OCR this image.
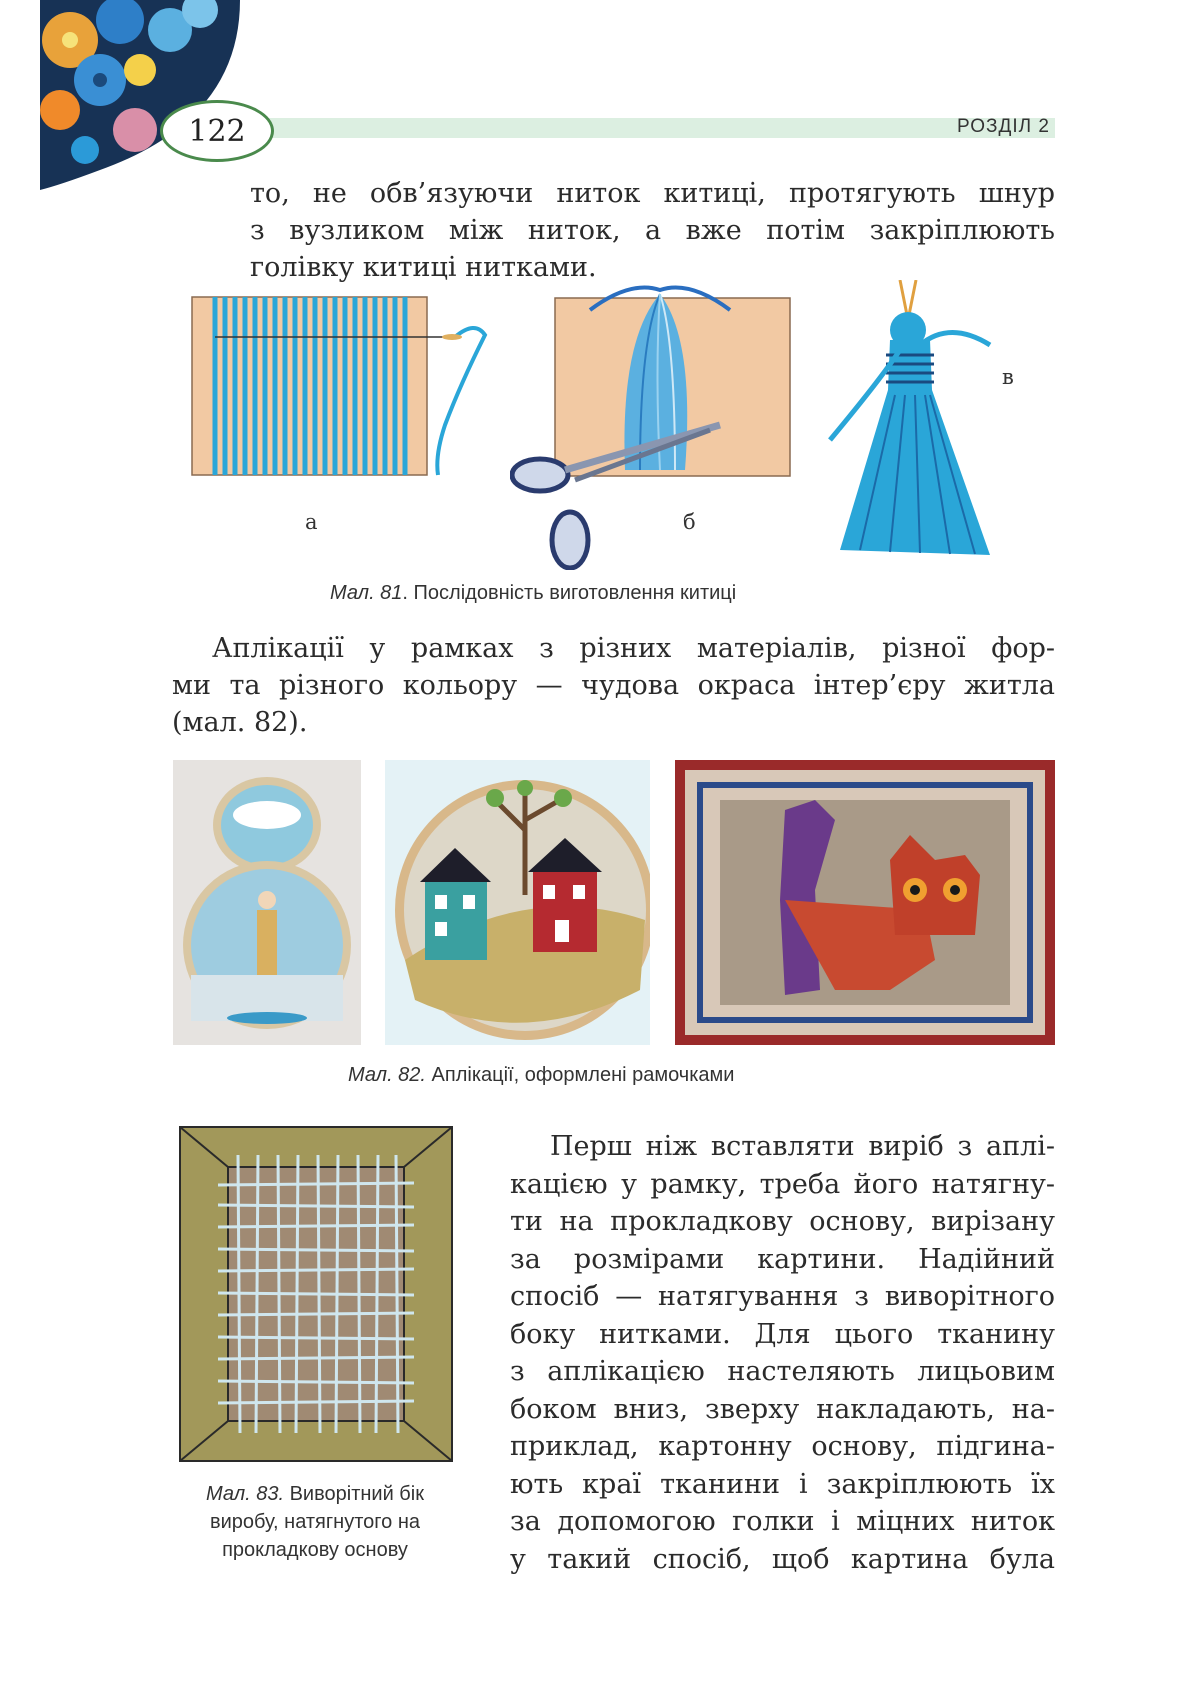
122	РОЗДІЛ 2
то, не обв’язуючи ниток китиці, протягують шнур
з вузликом між ниток, а вже потім закріплюють
голівку китиці нитками.
а	б
в
Мал. 81. Послідовність виготовлення китиці
Аплікації у рамках з різних матеріалів, різної фор-
ми та різного кольору — чудова окраса інтер’єру житла
(мал. 82).
Мал. 82. Аплікації, оформлені рамочками
Мал. 83. Виворітний бік
виробу, натягнутого на
прокладкову основу
Перш ніж вставляти виріб з аплі-
кацією у рамку, треба його натягну-
ти на прокладкову основу, вирізану
за розмірами картини. Надійний
спосіб — натягування з виворітного
боку нитками. Для цього тканину
з аплікацією настеляють лицьовим
боком вниз, зверху накладають, на-
приклад, картонну основу, підгина-
ють краї тканини і закріплюють їх
за допомогою голки і міцних ниток
у такий спосіб, щоб картина була
